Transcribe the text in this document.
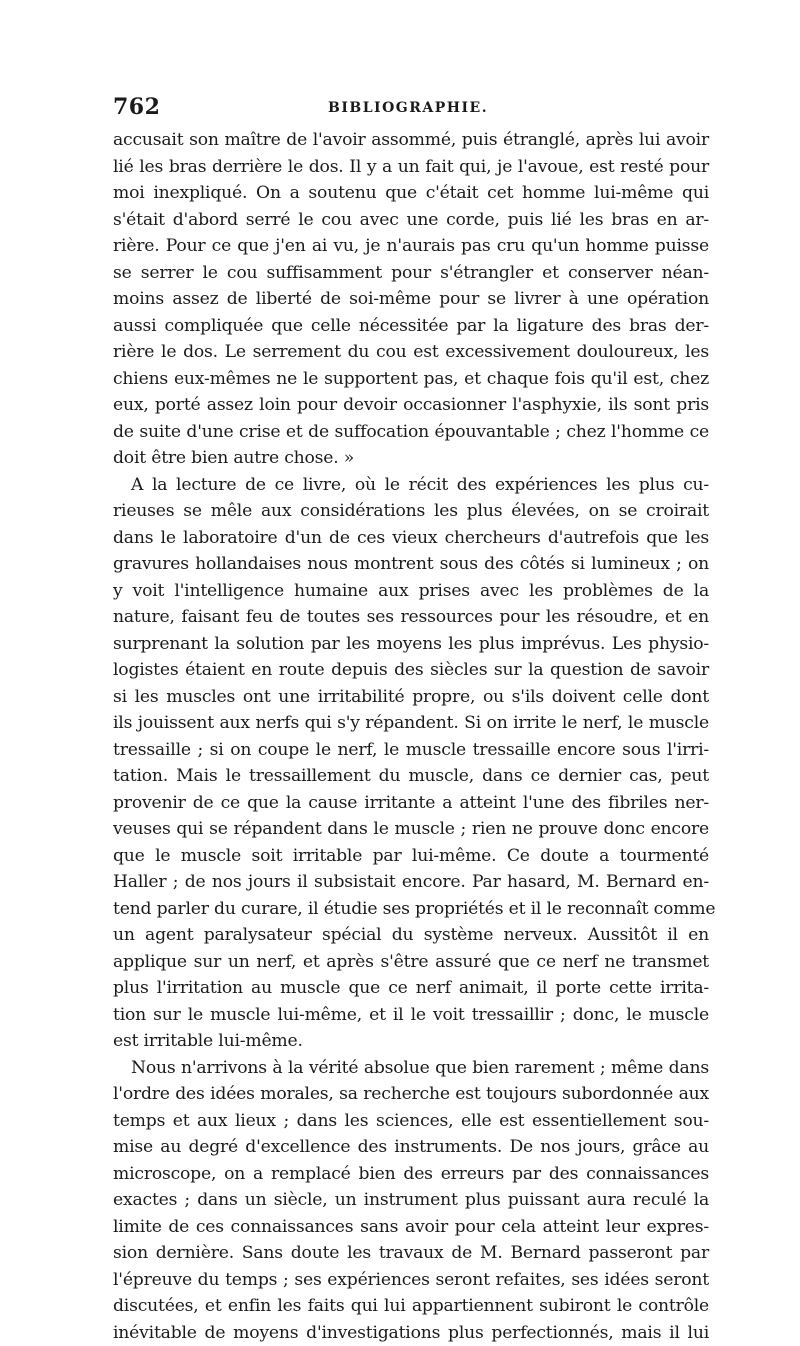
762	BIBLIOGRAPHIE.
accusait son maître de l'avoir assommé, puis étranglé, après lui avoir
lié les bras derrière le dos. Il y a un fait qui, je l'avoue, est resté pour
moi inexpliqué. On a soutenu que c'était cet homme lui-même qui
s'était d'abord serré le cou avec une corde, puis lié les bras en ar-
rière. Pour ce que j'en ai vu, je n'aurais pas cru qu'un homme puisse
se serrer le cou suffisamment pour s'étrangler et conserver néan-
moins assez de liberté de soi-même pour se livrer à une opération
aussi compliquée que celle nécessitée par la ligature des bras der-
rière le dos. Le serrement du cou est excessivement douloureux, les
chiens eux-mêmes ne le supportent pas, et chaque fois qu'il est, chez
eux, porté assez loin pour devoir occasionner l'asphyxie, ils sont pris
de suite d'une crise et de suffocation épouvantable ; chez l'homme ce
doit être bien autre chose. »
A la lecture de ce livre, où le récit des expériences les plus cu-
rieuses se mêle aux considérations les plus élevées, on se croirait
dans le laboratoire d'un de ces vieux chercheurs d'autrefois que les
gravures hollandaises nous montrent sous des côtés si lumineux ; on
y voit l'intelligence humaine aux prises avec les problèmes de la
nature, faisant feu de toutes ses ressources pour les résoudre, et en
surprenant la solution par les moyens les plus imprévus. Les physio-
logistes étaient en route depuis des siècles sur la question de savoir
si les muscles ont une irritabilité propre, ou s'ils doivent celle dont
ils jouissent aux nerfs qui s'y répandent. Si on irrite le nerf, le muscle
tressaille ; si on coupe le nerf, le muscle tressaille encore sous l'irri-
tation. Mais le tressaillement du muscle, dans ce dernier cas, peut
provenir de ce que la cause irritante a atteint l'une des fibriles ner-
veuses qui se répandent dans le muscle ; rien ne prouve donc encore
que le muscle soit irritable par lui-même. Ce doute a tourmenté
Haller ; de nos jours il subsistait encore. Par hasard, M. Bernard en-
tend parler du curare, il étudie ses propriétés et il le reconnaît comme
un agent paralysateur spécial du système nerveux. Aussitôt il en
applique sur un nerf, et après s'être assuré que ce nerf ne transmet
plus l'irritation au muscle que ce nerf animait, il porte cette irrita-
tion sur le muscle lui-même, et il le voit tressaillir ; donc, le muscle
est irritable lui-même.
Nous n'arrivons à la vérité absolue que bien rarement ; même dans
l'ordre des idées morales, sa recherche est toujours subordonnée aux
temps et aux lieux ; dans les sciences, elle est essentiellement sou-
mise au degré d'excellence des instruments. De nos jours, grâce au
microscope, on a remplacé bien des erreurs par des connaissances
exactes ; dans un siècle, un instrument plus puissant aura reculé la
limite de ces connaissances sans avoir pour cela atteint leur expres-
sion dernière. Sans doute les travaux de M. Bernard passeront par
l'épreuve du temps ; ses expériences seront refaites, ses idées seront
discutées, et enfin les faits qui lui appartiennent subiront le contrôle
inévitable de moyens d'investigations plus perfectionnés, mais il lui
